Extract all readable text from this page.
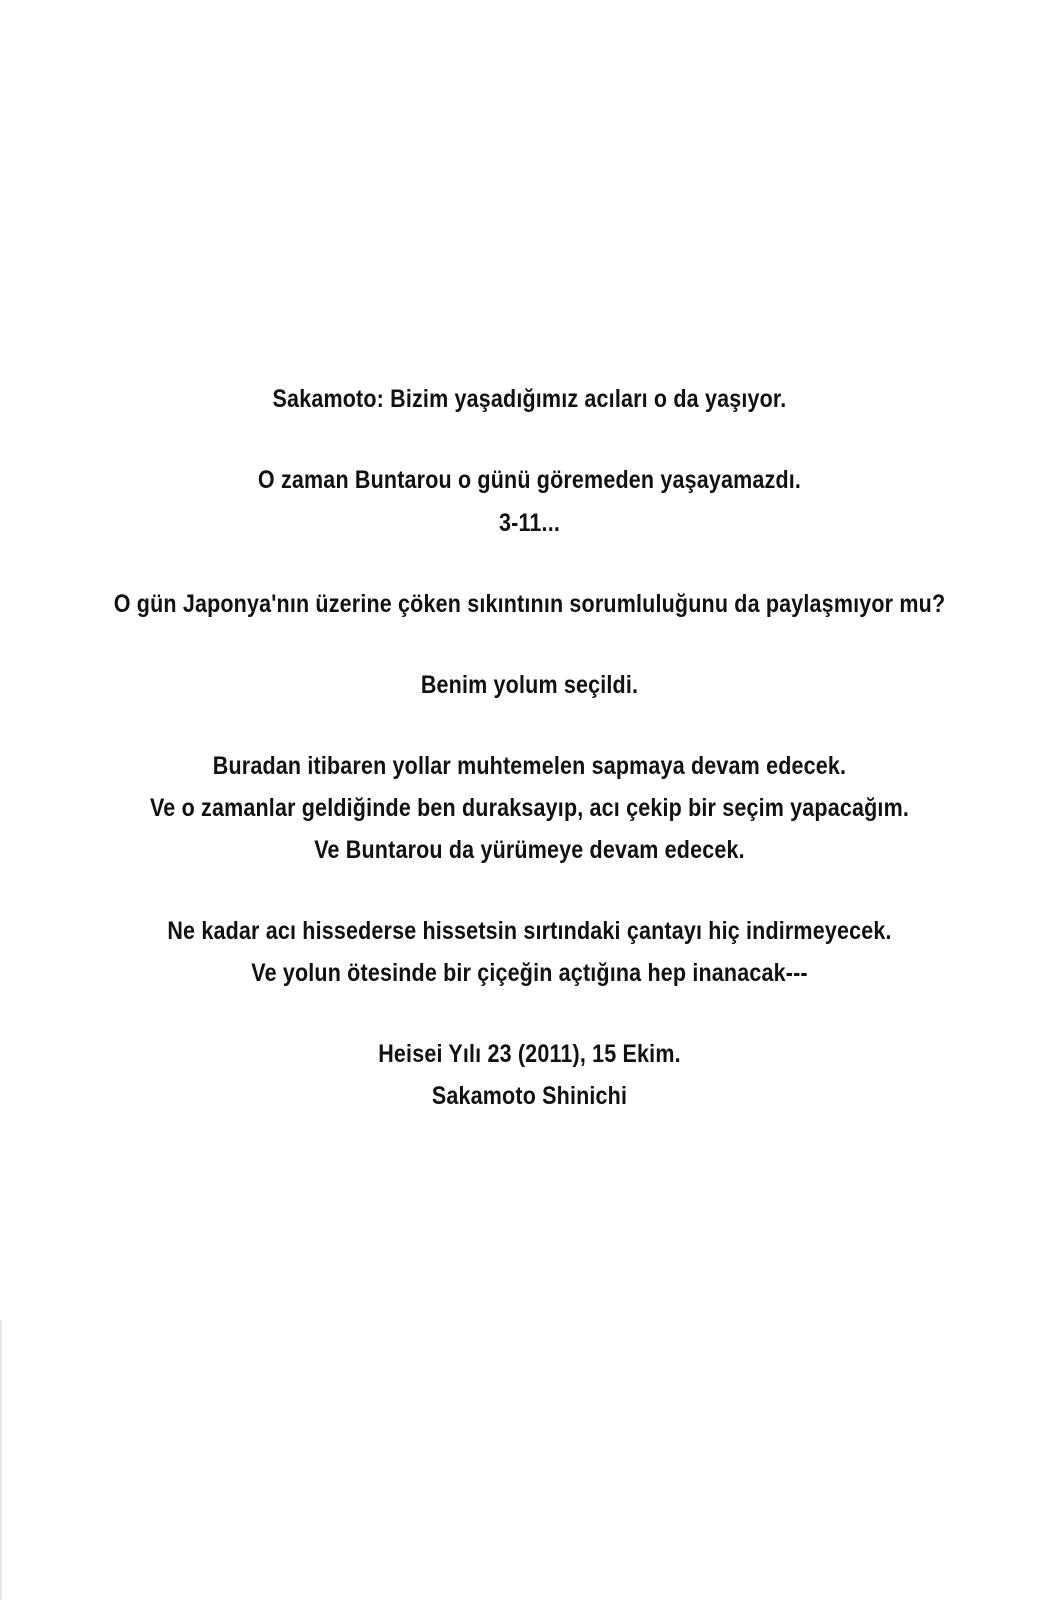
Sakamoto: Bizim yaşadığımız acıları o da yaşıyor.
O zaman Buntarou o günü göremeden yaşayamazdı.
3-11...
O gün Japonya'nın üzerine çöken sıkıntının sorumluluğunu da paylaşmıyor mu?
Benim yolum seçildi.
Buradan itibaren yollar muhtemelen sapmaya devam edecek.
Ve o zamanlar geldiğinde ben duraksayıp, acı çekip bir seçim yapacağım.
Ve Buntarou da yürümeye devam edecek.
Ne kadar acı hissederse hissetsin sırtındaki çantayı hiç indirmeyecek.
Ve yolun ötesinde bir çiçeğin açtığına hep inanacak---
Heisei Yılı 23 (2011), 15 Ekim.
Sakamoto Shinichi
